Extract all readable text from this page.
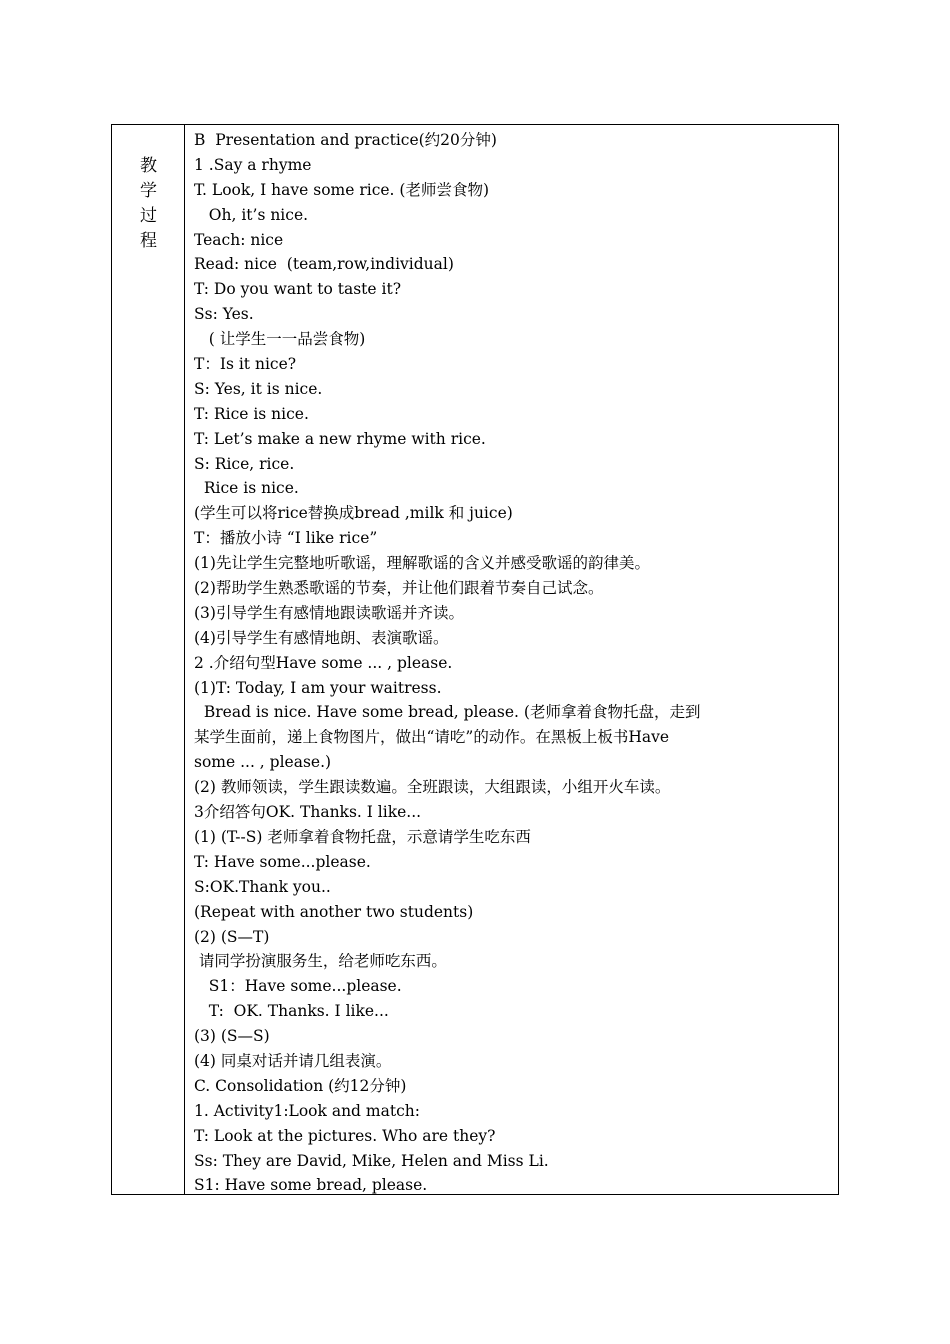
教
学
过
程
B  Presentation and practice(约20分钟)
1 .Say a rhyme
T. Look, I have some rice. (老师尝食物)
Oh, it’s nice.
Teach: nice
Read: nice  (team,row,individual)
T: Do you want to taste it?
Ss: Yes.
( 让学生一一品尝食物)
T：Is it nice?
S: Yes, it is nice.
T: Rice is nice.
T: Let’s make a new rhyme with rice.
S: Rice, rice.
Rice is nice.
(学生可以将rice替换成bread ,milk 和 juice)
T：播放小诗 “I like rice”
(1)先让学生完整地听歌谣，理解歌谣的含义并感受歌谣的韵律美。
(2)帮助学生熟悉歌谣的节奏，并让他们跟着节奏自己试念。
(3)引导学生有感情地跟读歌谣并齐读。
(4)引导学生有感情地朗、表演歌谣。
2 .介绍句型Have some ... , please.
(1)T: Today, I am your waitress.
Bread is nice. Have some bread, please. (老师拿着食物托盘，走到
某学生面前，递上食物图片，做出“请吃”的动作。在黑板上板书Have
some ... , please.)
(2) 教师领读，学生跟读数遍。全班跟读，大组跟读，小组开火车读。
3介绍答句OK. Thanks. I like...
(1) (T--S) 老师拿着食物托盘，示意请学生吃东西
T: Have some...please.
S:OK.Thank you..
(Repeat with another two students)
(2) (S—T)
请同学扮演服务生，给老师吃东西。
S1：Have some...please.
T:  OK. Thanks. I like...
(3) (S—S)
(4) 同桌对话并请几组表演。
C. Consolidation (约12分钟)
1. Activity1:Look and match:
T: Look at the pictures. Who are they?
Ss: They are David, Mike, Helen and Miss Li.
S1: Have some bread, please.
